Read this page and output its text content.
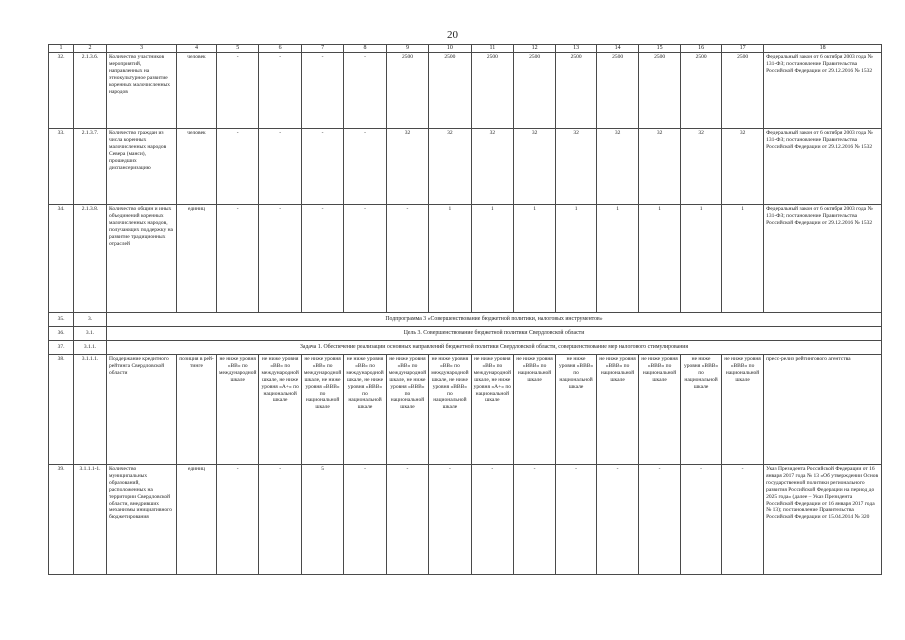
20
1	2	3	4	5	6	7	8	9	10	11	12	13	14	15	16	17	18
32.	2.1.3.6.	Количество участников мероприятий, направленных на этнокультурное развитие коренных малочисленных народов	человек	-	-	-	-	2500	2500	2500	2500	2500	2500	2500	2500	2500	Федеральный закон от 6 октября 2003 года № 131-ФЗ; постановление Правительства Российской Федерации от 29.12.2016 № 1532
33.	2.1.3.7.	Количество граждан из числа коренных малочисленных народов Севера (манси), прошедших диспансеризацию	человек	-	-	-	-	32	32	32	32	32	32	32	32	32	Федеральный закон от 6 октября 2003 года № 131-ФЗ; постановление Правительства Российской Федерации от 29.12.2016 № 1532
34.	2.1.3.8.	Количество общин и иных объединений коренных малочисленных народов, получающих поддержку на развитие традиционных отраслей	единиц	-	-	-	-	-	1	1	1	1	1	1	1	1	Федеральный закон от 6 октября 2003 года № 131-ФЗ; постановление Правительства Российской Федерации от 29.12.2016 № 1532
35.	3.	Подпрограмма 3 «Совершенствование бюджетной политики, налоговых инструментов»															
36.	3.1.	Цель 3. Совершенствование бюджетной политики Свердловской области															
37.	3.1.1.	Задача 1. Обеспечение реализации основных направлений бюджетной политики Свердловской области, совершенствование мер налогового стимулирования															
38.	3.1.1.1.	Поддержание кредитного рейтинга Свердловской области	позиция в рей-тинге	не ниже уровня «ВВ» по международной шкале	не ниже уровня «ВВ» по международной шкале, не ниже уровня «А+» по национальной шкале	не ниже уровня «ВВ» по международной шкале, не ниже уровня «ВВВ» по национальной шкале	не ниже уровня «ВВ» по международной шкале, не ниже уровня «ВВВ» по национальной шкале	не ниже уровня «ВВ» по международной шкале, не ниже уровня «ВВВ» по национальной шкале	не ниже уровня «ВВ» по международной шкале, не ниже уровня «ВВВ» по национальной шкале	не ниже уровня «ВВ» по международной шкале, не ниже уровня «А+» по национальной шкале	не ниже уровня «ВВВ» по национальной шкале	не ниже уровня «ВВВ» по национальной шкале	не ниже уровня «ВВВ» по национальной шкале	не ниже уровня «ВВВ» по национальной шкале	не ниже уровня «ВВВ» по национальной шкале	не ниже уровня «ВВВ» по национальной шкале	пресс-релиз рейтингового агентства
39.	3.1.1.1-1.	Количество муниципальных образований, расположенных на территории Свердловской области, внедривших механизмы инициативного бюджетирования	единиц	-	-	5	-	-	-	-	-	-	-	-	-	-	Указ Президента Российской Федерации от 16 января 2017 года № 13 «Об утверждении Основ государственной политики регионального развития Российской Федерации на период до 2025 года» (далее – Указ Президента Российской Федерации от 16 января 2017 года № 13); постановление Правительства Российской Федерации от 15.04.2014 № 320
